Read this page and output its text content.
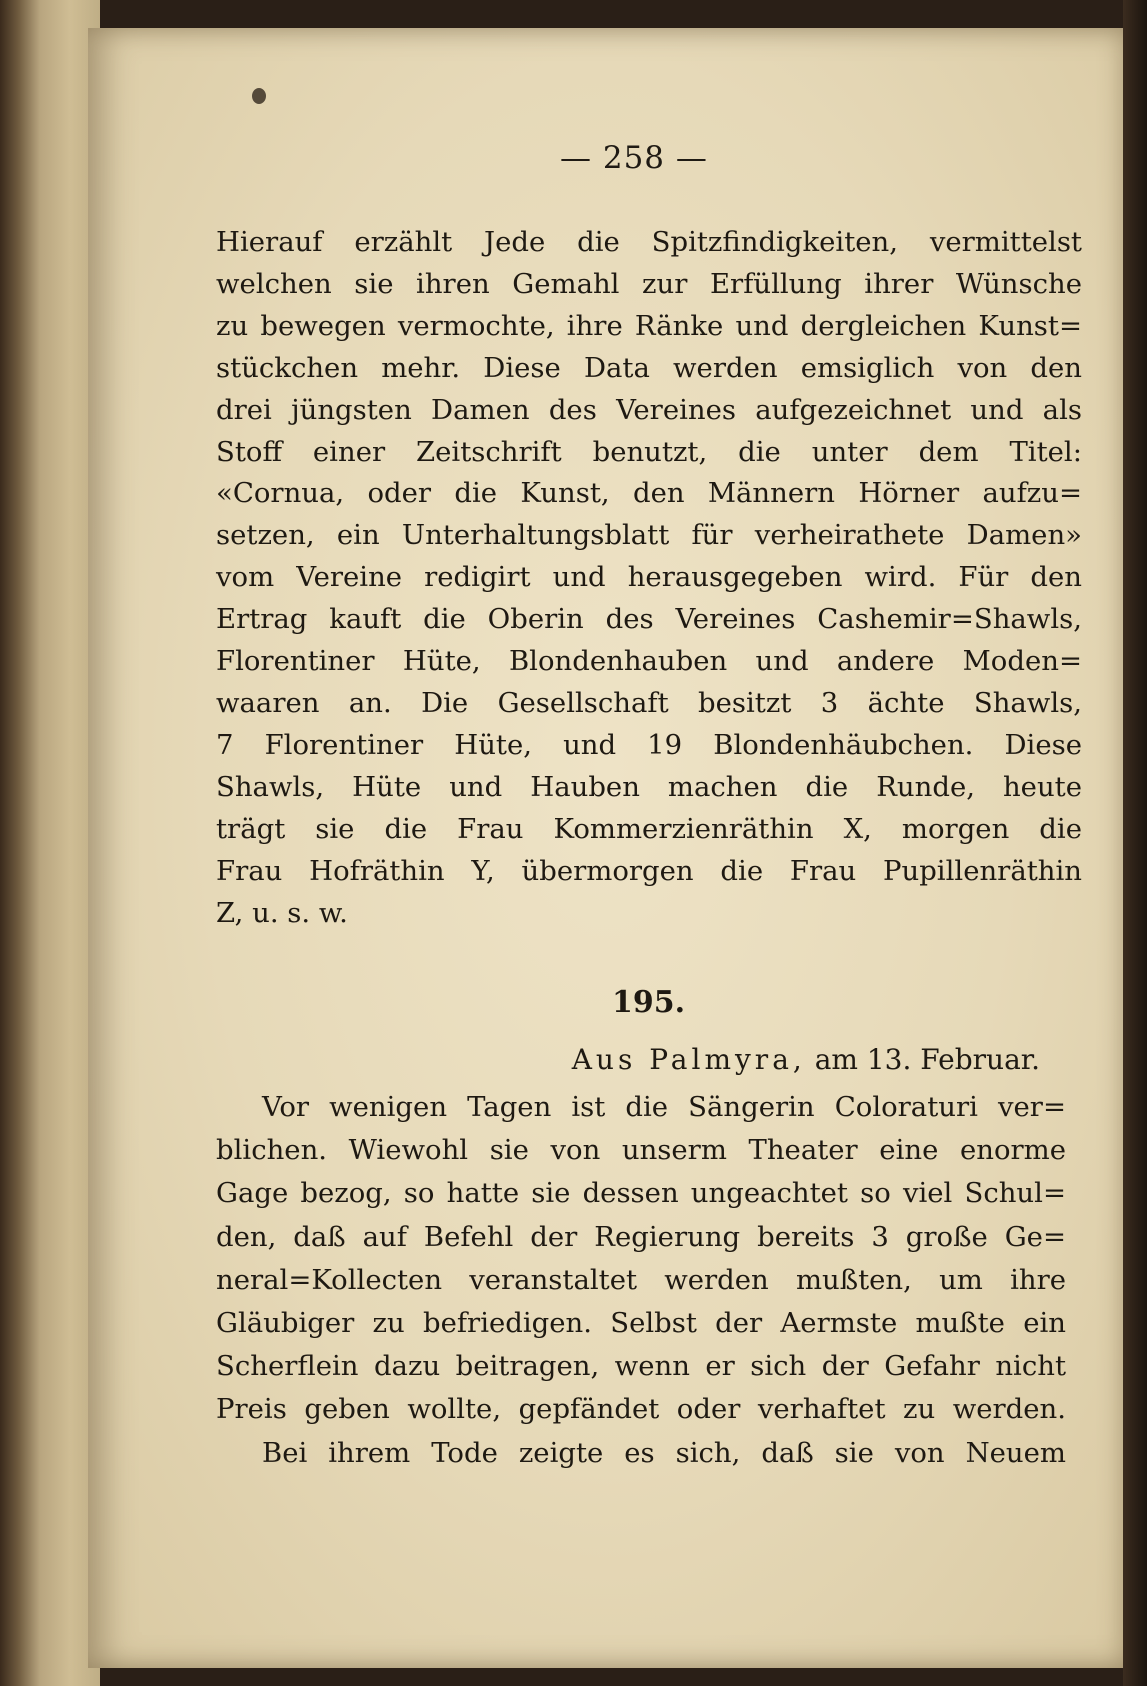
— 258 —
Hierauf erzählt Jede die Spitzfindigkeiten, vermittelst
welchen sie ihren Gemahl zur Erfüllung ihrer Wünsche
zu bewegen vermochte, ihre Ränke und dergleichen Kunst=
stückchen mehr. Diese Data werden emsiglich von den
drei jüngsten Damen des Vereines aufgezeichnet und als
Stoff einer Zeitschrift benutzt, die unter dem Titel:
«Cornua, oder die Kunst, den Männern Hörner aufzu=
setzen, ein Unterhaltungsblatt für verheirathete Damen»
vom Vereine redigirt und herausgegeben wird. Für den
Ertrag kauft die Oberin des Vereines Cashemir=Shawls,
Florentiner Hüte, Blondenhauben und andere Moden=
waaren an. Die Gesellschaft besitzt 3 ächte Shawls,
7 Florentiner Hüte, und 19 Blondenhäubchen. Diese
Shawls, Hüte und Hauben machen die Runde, heute
trägt sie die Frau Kommerzienräthin X, morgen die
Frau Hofräthin Y, übermorgen die Frau Pupillenräthin
Z, u. s. w.
195.
Aus Palmyra, am 13. Februar.
Vor wenigen Tagen ist die Sängerin Coloraturi ver=
blichen. Wiewohl sie von unserm Theater eine enorme
Gage bezog, so hatte sie dessen ungeachtet so viel Schul=
den, daß auf Befehl der Regierung bereits 3 große Ge=
neral=Kollecten veranstaltet werden mußten, um ihre
Gläubiger zu befriedigen. Selbst der Aermste mußte ein
Scherflein dazu beitragen, wenn er sich der Gefahr nicht
Preis geben wollte, gepfändet oder verhaftet zu werden.
Bei ihrem Tode zeigte es sich, daß sie von Neuem
